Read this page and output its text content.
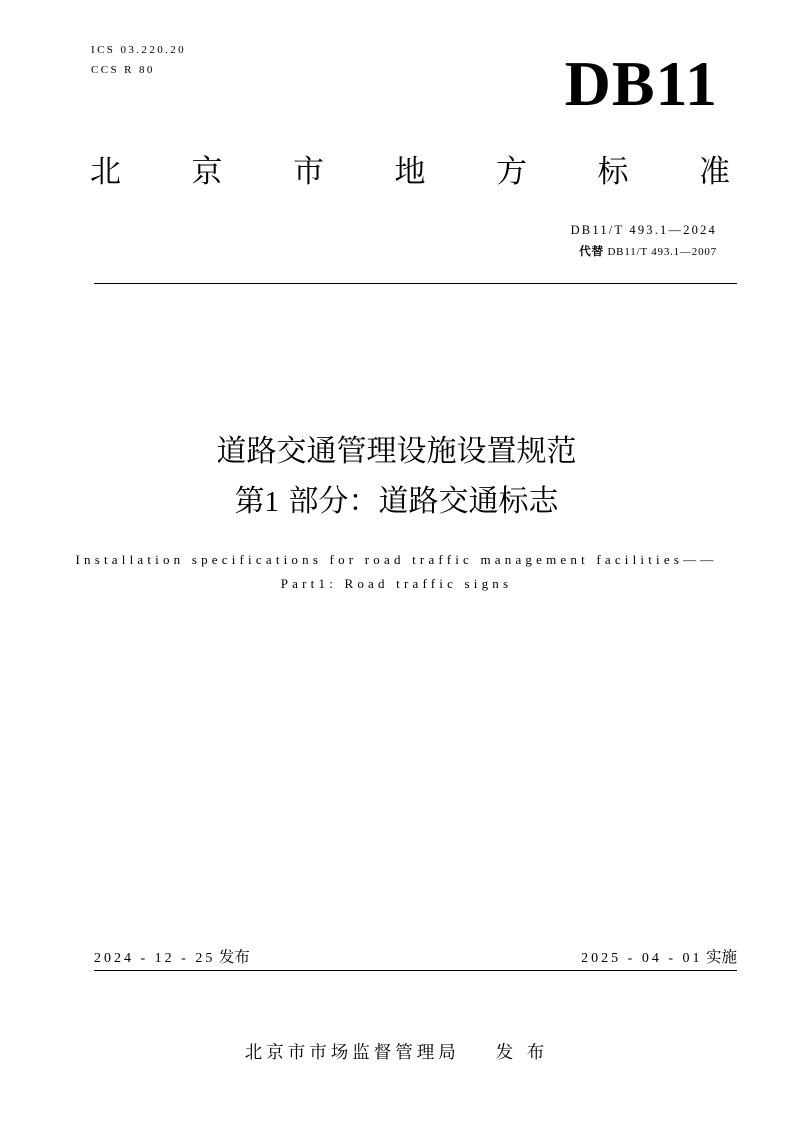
ICS 03.220.20
CCS R 80	DB11
北 京 市 地 方 标 准
DB11/T 493.1—2024
代替 DB11/T 493.1—2007
道路交通管理设施设置规范
第1 部分：道路交通标志
Installation specifications for road traffic management facilities——
Part1: Road traffic signs
2024 - 12 - 25 发布	2025 - 04 - 01 实施
北京市市场监督管理局 发 布
